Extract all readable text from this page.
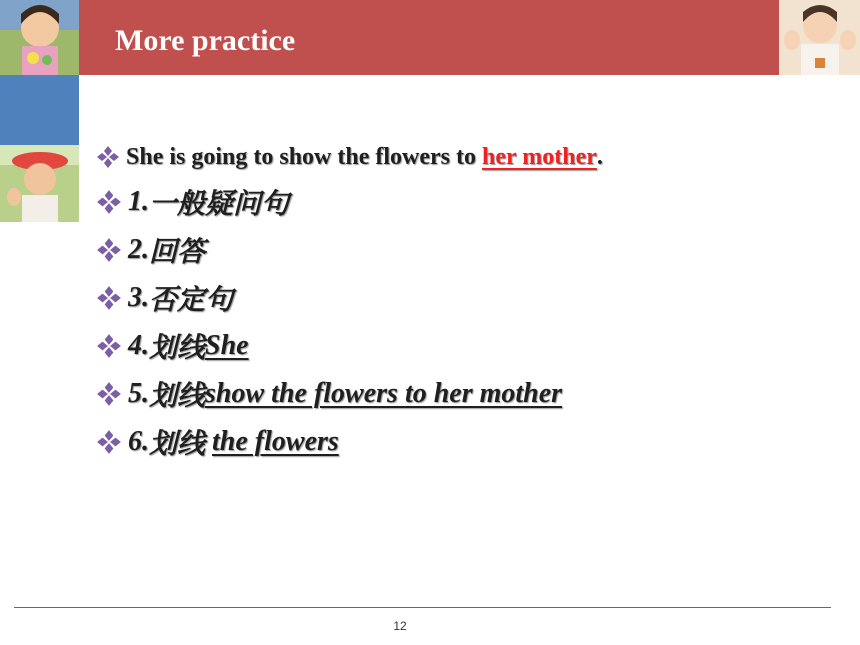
More practice
She is going to show the flowers to her mother .
1. 一般疑问句
2. 回答
3. 否定句
4. 划线 She
5. 划线 show the flowers to her mother
6. 划线 the flowers
12
